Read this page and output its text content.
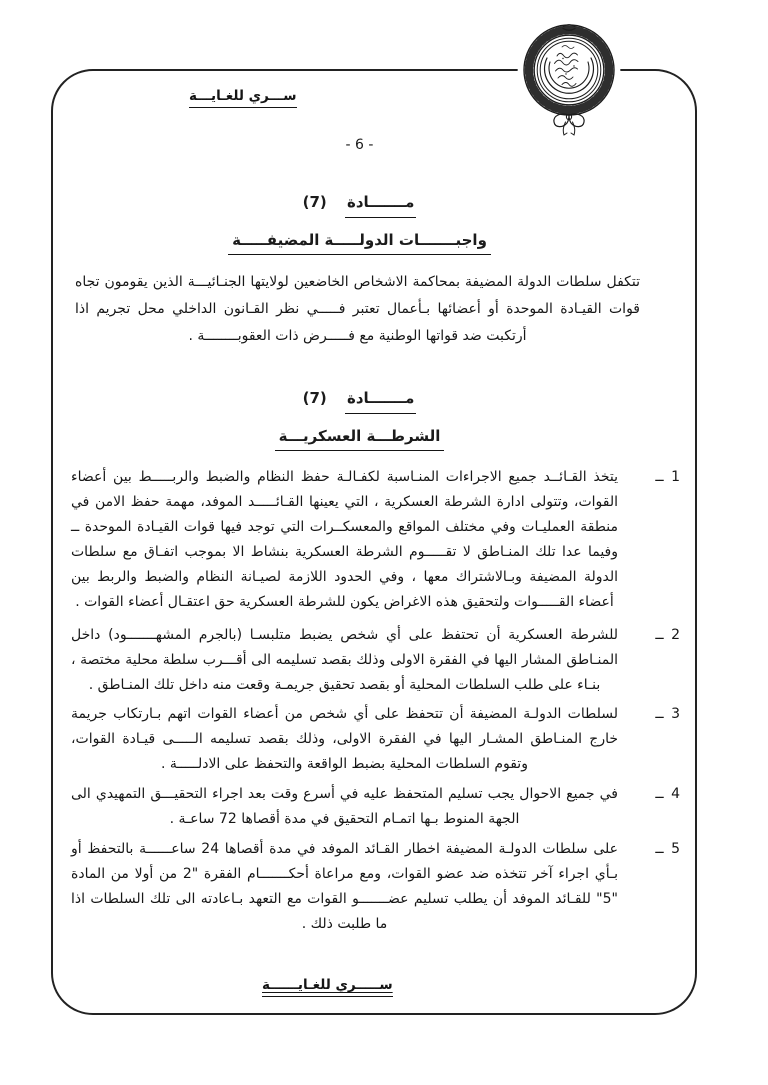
ســـري للغـايـــة
- 6 -
مـــــــادة (7)
واجبـــــــات الدولـــــة المضيفـــــة
تتكفل سلطات الدولة المضيفة بمحاكمة الاشخاص الخاضعين لولايتها الجنـائيـــة الذين يقومون تجاه قوات القيـادة الموحدة أو أعضائها بـأعمال تعتبر فـــــي نظر القـانون الداخلي محل تجريم اذا أرتكبت ضد قواتها الوطنية مع فـــــرض ذات العقوبــــــــة .
مـــــــادة (7)
الشرطـــة العسكريـــة
1 ــ
يتخذ القـائــد جميع الاجراءات المنـاسبة لكفـالـة حفظ النظام والضبط والربـــــط بين أعضاء القوات، وتتولى ادارة الشرطة العسكرية ، التي يعينها القـائـــــد الموفد، مهمة حفظ الامن في منطقة العمليـات وفي مختلف المواقع والمعسكــرات التي توجد فيها قوات القيـادة الموحدة ــ وفيما عدا تلك المنـاطق لا تقـــــوم الشرطة العسكرية بنشاط الا بموجب اتفـاق مع سلطات الدولة المضيفة وبـالاشتراك معها ، وفي الحدود اللازمة لصيـانة النظام والضبط والربط بين أعضاء القـــــوات ولتحقيق هذه الاغراض يكون للشرطة العسكرية حق اعتقـال أعضاء القوات .
2 ــ
للشرطة العسكرية أن تحتفظ على أي شخص يضبط متلبسـا (بالجرم المشهـــــــود) داخل المنـاطق المشار اليها في الفقرة الاولى وذلك بقصد تسليمه الى أقـــرب سلطة محلية مختصة ، بنـاء على طلب السلطات المحلية أو بقصد تحقيق جريمـة وقعت منه داخل تلك المنـاطق .
3 ــ
لسلطات الدولـة المضيفة أن تتحفظ على أي شخص من أعضاء القوات اتهم بـارتكاب جريمة خارج المنـاطق المشـار اليها في الفقرة الاولى، وذلك بقصد تسليمه الـــــى قيـادة القوات، وتقوم السلطات المحلية بضبط الواقعة والتحفظ على الادلـــــة .
4 ــ
في جميع الاحوال يجب تسليم المتحفظ عليه في أسرع وقت بعد اجراء التحقيـــق التمهيدي الى الجهة المنوط بـها اتمـام التحقيق في مدة أقصاها 72 ساعـة .
5 ــ
على سلطات الدولـة المضيفة اخطار القـائد الموفد في مدة أقصاها 24 ساعــــــة بالتحفظ أو بـأي اجراء آخر تتخذه ضد عضو القوات، ومع مراعاة أحكـــــــام الفقرة "2 من أولا من المادة "5" للقـائد الموفد أن يطلب تسليم عضـــــــو القوات مع التعهد بـاعادته الى تلك السلطات اذا ما طلبت ذلك .
ســـــري للغـايــــــة
